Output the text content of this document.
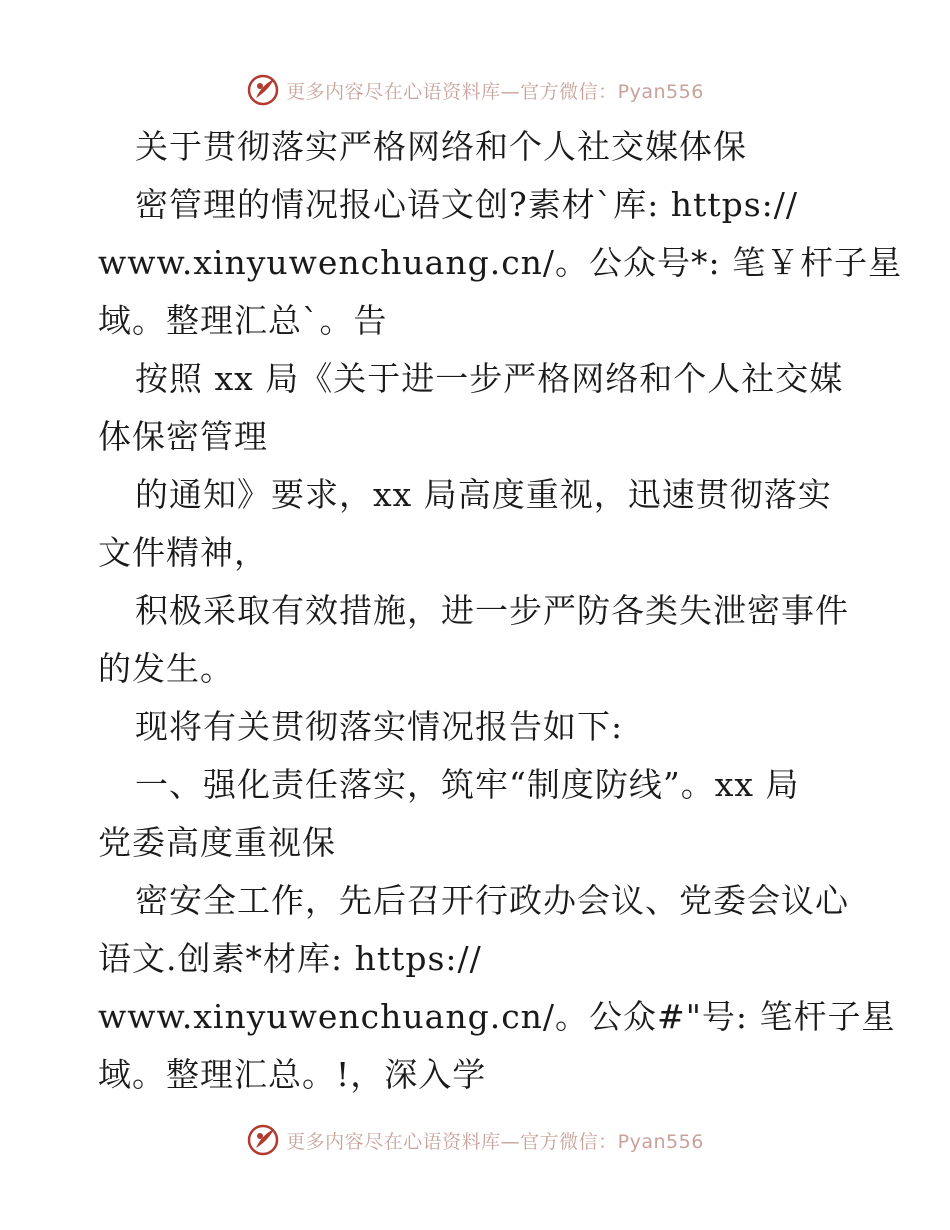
更多内容尽在心语资料库—官方微信：Pyan556
关于贯彻落实严格网络和个人社交媒体保
密管理的情况报心语文创?素材`库: https://
www.xinyuwenchuang.cn/。公众号*: 笔￥杆子星
域。整理汇总`。告
按照 xx 局《关于进一步严格网络和个人社交媒
体保密管理
的通知》要求，xx 局高度重视，迅速贯彻落实
文件精神，
积极采取有效措施，进一步严防各类失泄密事件
的发生。
现将有关贯彻落实情况报告如下:
一、强化责任落实，筑牢“制度防线”。xx 局
党委高度重视保
密安全工作，先后召开行政办会议、党委会议心
语文.创素*材库: https://
www.xinyuwenchuang.cn/。公众#"号: 笔杆子星
域。整理汇总。!，深入学
更多内容尽在心语资料库—官方微信：Pyan556
